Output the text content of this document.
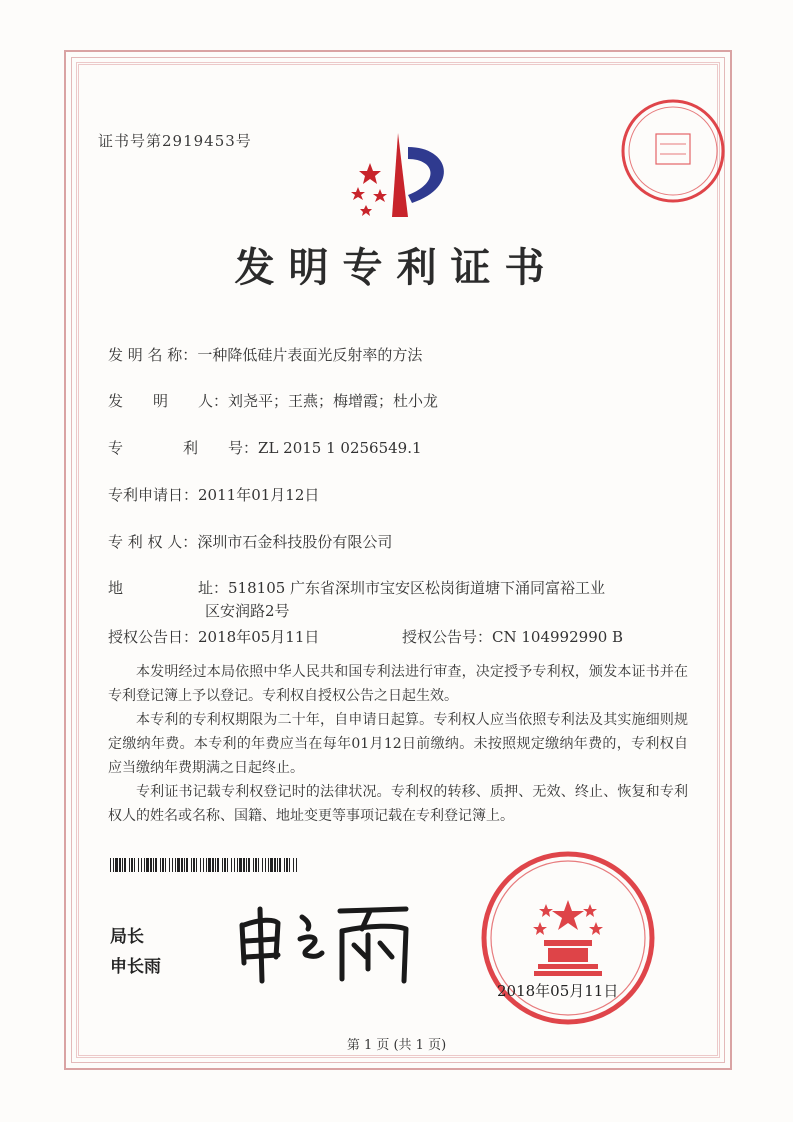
证书号第2919453号
发明专利证书
发 明 名 称：一种降低硅片表面光反射率的方法
发　　明　　人：刘尧平；王燕；梅增霞；杜小龙
专　　　　利　　号：ZL 2015 1 0256549.1
专利申请日：2011年01月12日
专 利 权 人：深圳市石金科技股份有限公司
地　　　　　址：518105 广东省深圳市宝安区松岗街道塘下涌同富裕工业
区安润路2号
授权公告日：2018年05月11日	授权公告号：CN 104992990 B
本发明经过本局依照中华人民共和国专利法进行审查，决定授予专利权，颁发本证书并在专利登记簿上予以登记。专利权自授权公告之日起生效。
本专利的专利权期限为二十年，自申请日起算。专利权人应当依照专利法及其实施细则规定缴纳年费。本专利的年费应当在每年01月12日前缴纳。未按照规定缴纳年费的，专利权自应当缴纳年费期满之日起终止。
专利证书记载专利权登记时的法律状况。专利权的转移、质押、无效、终止、恢复和专利权人的姓名或名称、国籍、地址变更等事项记载在专利登记簿上。
局长
申长雨
2018年05月11日
第 1 页 (共 1 页)
